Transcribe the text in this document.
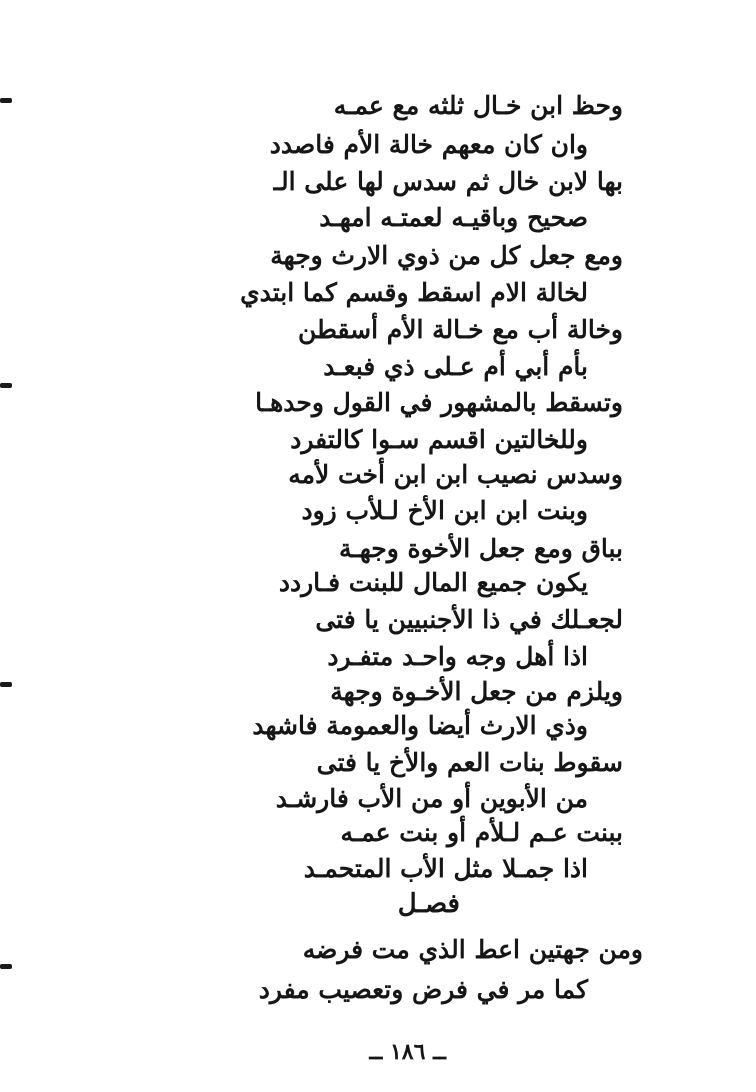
وحظ ابن خـال ثلثه مع عمـه
وان كان معهم خالة الأم فاصدد
بها لابن خال ثم سدس لها على الـ
صحيح وباقيـه لعمتـه امهـد
ومع جعل كل من ذوي الارث وجهة
لخالة الام اسقط وقسم كما ابتدي
وخالة أب مع خـالة الأم أسقطن
بأم أبي أم عـلى ذي فبعـد
وتسقط بالمشهور في القول وحدهـا
وللخالتين اقسم سـوا كالتفرد
وسدس نصيب ابن ابن أخت لأمه
وبنت ابن ابن الأخ لـلأب زود
بباق ومع جعل الأخوة وجهـة
يكون جميع المال للبنت فـاردد
لجعـلك في ذا الأجنبيين يا فتى
اذا أهل وجه واحـد متفـرد
ويلزم من جعل الأخـوة وجهة
وذي الارث أيضا والعمومة فاشهد
سقوط بنات العم والأخ يا فتى
من الأبوين أو من الأب فارشـد
ببنت عـم لـلأم أو بنت عمـه
اذا جمـلا مثل الأب المتحمـد
فصـل
ومن جهتين اعط الذي مت فرضه
كما مر في فرض وتعصيب مفرد
ــ ١٨٦ ــ
